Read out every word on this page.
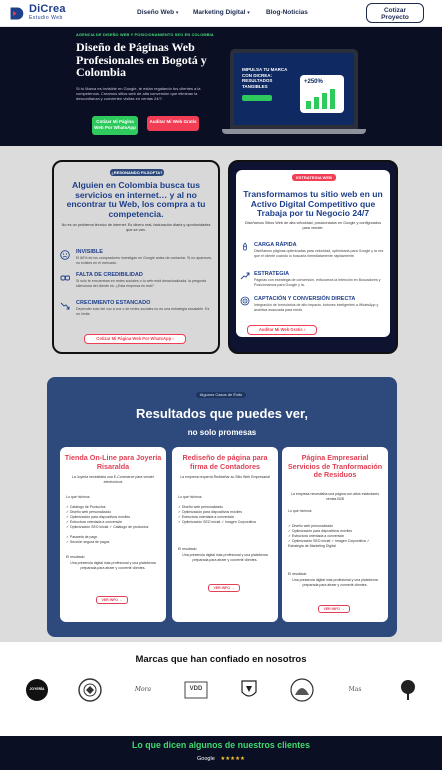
DiCrea
Estudio Web
Diseño Web ▾ Marketing Digital ▾	Blog-Noticias	Cotizar
Proyecto
AGENCIA DE DISEÑO WEB Y POSICIONAMIENTO SEO EN COLOMBIA
Diseño de Páginas Web Profesionales en Bogotá y Colombia
Si tu Marca es invisible en Google, te están regalando tus clientes a la competencia. Creamos sitios web de alta conversión que eliminan la desconfianza y convierten visitas en ventas 24/7.
Cotizar Mi Página Web Por WhatsApp
Auditar Mi Web Gratis
IMPULSA TU MARCA CON DICREA: RESULTADOS TANGIBLES
+250%
¿RESONANDO FILSOFTA?
Alguien en Colombia busca tus servicios en internet… y al no encontrar tu Web, los compra a tu competencia.
No es un problema técnico de internet. Es dinero real, facturación diaria y oportunidades que se van.
INVISIBLE
El 80% de los compradores investigan en Google antes de contactar. Si no apareces, no existes en el mercado.
FALTA DE CREDIBILIDAD
Si solo te encuentran en redes sociales o tu web está desactualizada, la pregunta silenciosa del cliente es: ¿Esta empresa es real?
CRECIMIENTO ESTANCADO
Depender solo del voz a voz o de redes sociales no es una estrategia escalable. Es un límite.
Cotizar Mi Página Web Por WhatsApp ›
ESTRATEGIA WEB
Transformamos tu sitio web en un Activo Digital Competitivo que Trabaja por tu Negocio 24/7
Diseñamos Sitios Web de alta velocidad, posicionados en Google y configurados para vender.
CARGA RÁPIDA
Diseñamos páginas optimizadas para velocidad, optimizada para Google y la vez que el cliente cuando lo buscarla inmediatamente rápidamente.
ESTRATEGIA
Páginas con estrategia de conversión, enfocamos la intención en Buscadores y Posicionamos para Google y la.
CAPTACIÓN Y CONVERSIÓN DIRECTA
Integración de formularios de alto impacto, botones inteligentes a WhatsApp y analítica avanzada para medir.
Auditar Mi Web Gratis ›
Algunos Casos de Éxito
Resultados que puedes ver,
no solo promesas
Tienda On-Line para Joyería Risaralda
La Joyeria necesitaba una E-Commerce para vender electronicos
Lo que hicimos
✓ Catálogo de Productos
✓ Diseño web personalizado
✓ Optimización para dispositivos móviles
✓ Estructura orientada a conversión
✓ Optimización SEO inicial ✓ Catálogo de productos
✓ Pasarela de pago
✓ Sección segura de pagos
El resultado
Una presencia digital más profesional y una plataforma preparada para atraer y convertir clientes.
VER INFO →
Rediseño de página para firma de Contadores
La empresa requería Rediseñar su Sitio Web Empresarial
Lo que hicimos
✓ Diseño web personalizado
✓ Optimización para dispositivos móviles
✓ Estructura orientada a conversión
✓ Optimización SEO inicial ✓ Imagen Corporativa
El resultado
Una presencia digital más profesional y una plataforma preparada para atraer y convertir clientes.
VER INFO →
Página Empresarial Servicios de Tranformación de Residuos
La empresa necesitaba una página con altos estándares ventas B2B
Lo que hicimos
✓ Diseño web personalizado
✓ Optimización para dispositivos móviles
✓ Estructura orientada a conversión
✓ Optimización SEO inicial ✓ Imagen Corporativa ✓ Estrategia de Marketing Digital
El resultado
Una presencia digital más profesional y una plataforma preparada para atraer y convertir clientes.
VER INFO →
Marcas que han confiado en nosotros
JOYERÍA	Mora	VDD	Mas
Lo que dicen algunos de nuestros clientes
Google ★★★★★
